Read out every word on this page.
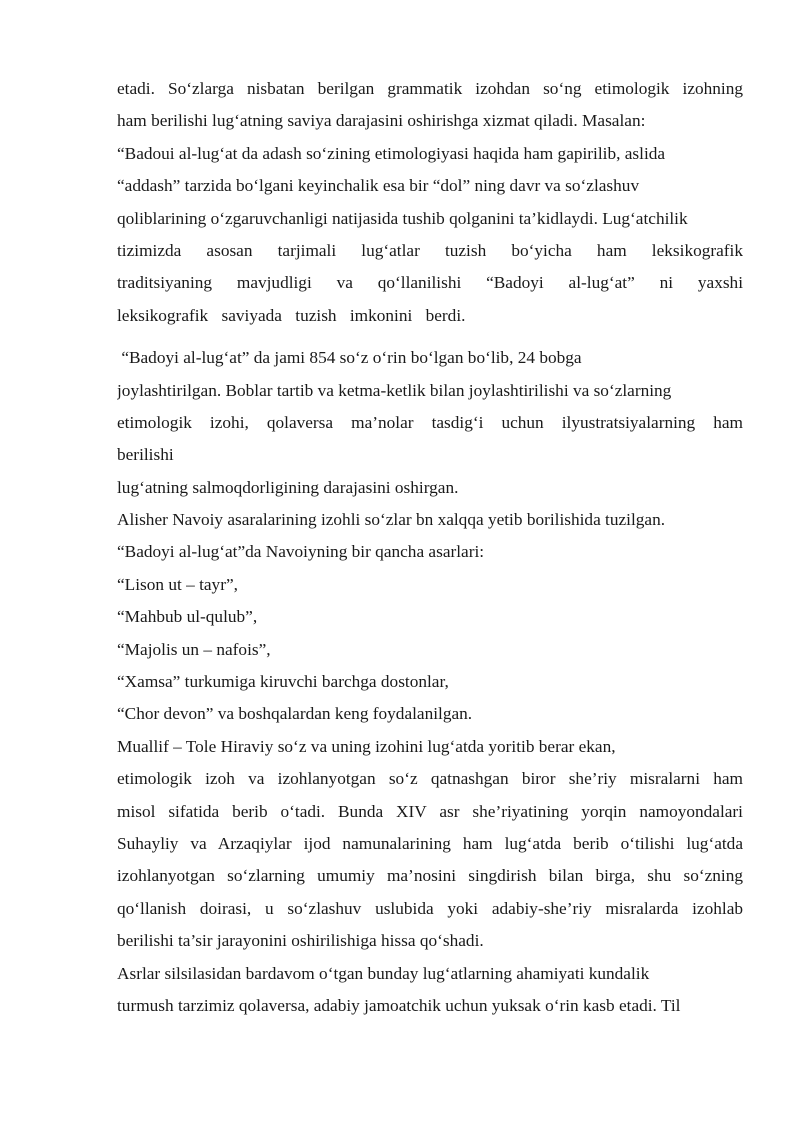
etadi. So‘zlarga nisbatan berilgan grammatik izohdan so‘ng etimologik izohning
ham berilishi lug‘atning saviya darajasini oshirishga xizmat qiladi. Masalan:
“Badoui al-lug‘at da adash so‘zining etimologiyasi haqida ham gapirilib, aslida
“addash” tarzida bo‘lgani keyinchalik esa bir “dol” ning davr va so‘zlashuv
qoliblarining o‘zgaruvchanligi natijasida tushib qolganini ta’kidlaydi. Lug‘atchilik
tizimizda asosan tarjimali lug‘atlar tuzish bo‘yicha ham leksikografik
traditsiyaning mavjudligi va qo‘llanilishi “Badoyi al-lug‘at” ni yaxshi
leksikografik saviyada tuzish imkonini berdi.
“Badoyi al-lug‘at” da jami 854 so‘z o‘rin bo‘lgan bo‘lib, 24 bobga
joylashtirilgan. Boblar tartib va ketma-ketlik bilan joylashtirilishi va so‘zlarning
etimologik izohi, qolaversa ma’nolar tasdig‘i uchun ilyustratsiyalarning ham
berilishi
lug‘atning salmoqdorligining darajasini oshirgan.
Alisher Navoiy asaralarining izohli so‘zlar bn xalqqa yetib borilishida tuzilgan.
“Badoyi al-lug‘at”da Navoiyning bir qancha asarlari:
“Lison ut – tayr”,
“Mahbub ul-qulub”,
“Majolis un – nafois”,
“Xamsa” turkumiga kiruvchi barchga dostonlar,
“Chor devon” va boshqalardan keng foydalanilgan.
Muallif – Tole Hiraviy so‘z va uning izohini lug‘atda yoritib berar ekan,
etimologik izoh va izohlanyotgan so‘z qatnashgan biror she’riy misralarni ham
misol sifatida berib o‘tadi. Bunda XIV asr she’riyatining yorqin namoyondalari
Suhayliy va Arzaqiylar ijod namunalarining ham lug‘atda berib o‘tilishi lug‘atda
izohlanyotgan so‘zlarning umumiy ma’nosini singdirish bilan birga, shu so‘zning
qo‘llanish doirasi, u so‘zlashuv uslubida yoki adabiy-she’riy misralarda izohlab
berilishi ta’sir jarayonini oshirilishiga hissa qo‘shadi.
Asrlar silsilasidan bardavom o‘tgan bunday lug‘atlarning ahamiyati kundalik
turmush tarzimiz qolaversa, adabiy jamoatchik uchun yuksak o‘rin kasb etadi. Til
